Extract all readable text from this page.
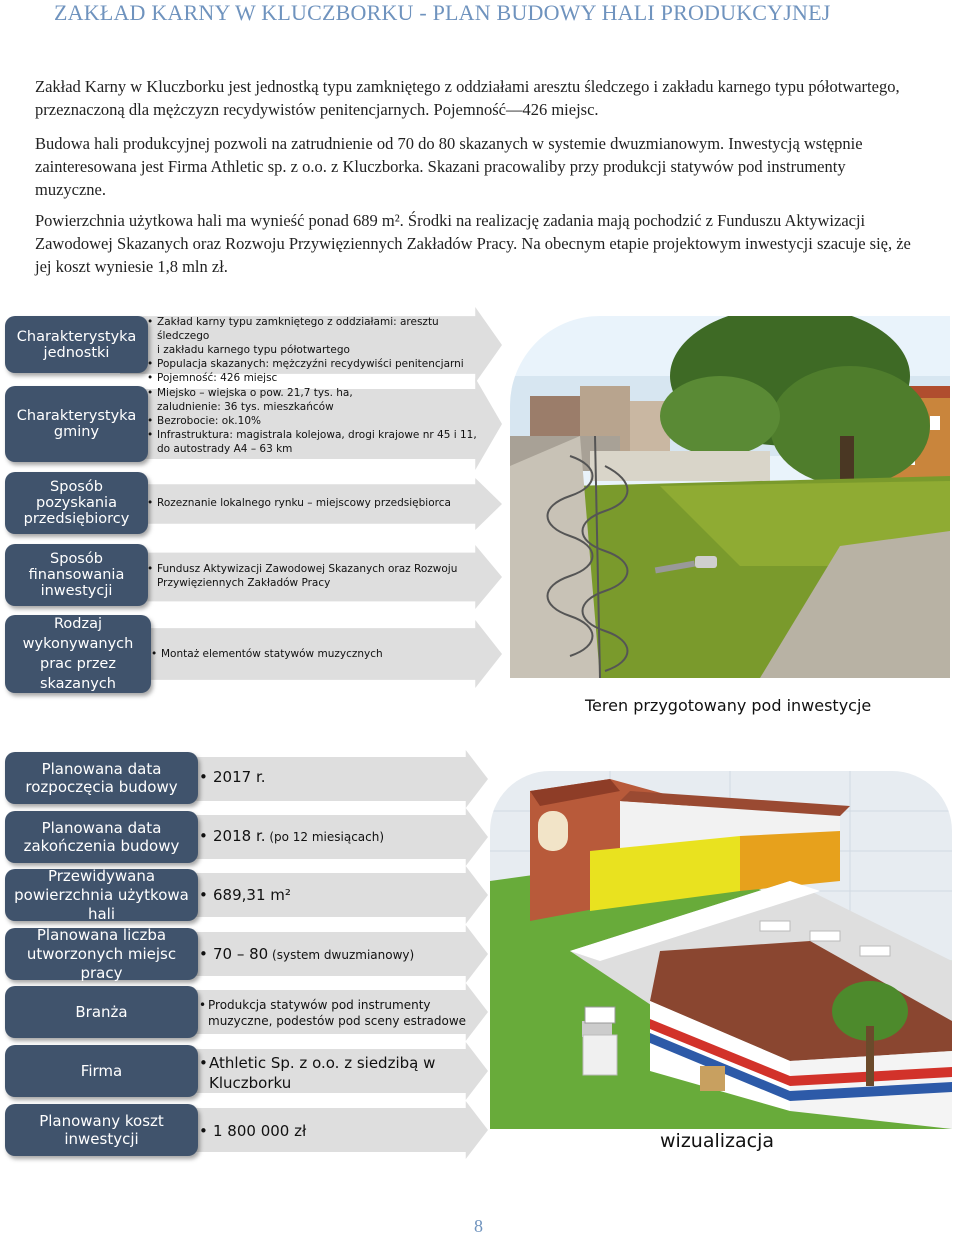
ZAKŁAD KARNY W KLUCZBORKU - PLAN BUDOWY HALI PRODUKCYJNEJ

Zakład Karny w Kluczborku jest jednostką typu zamkniętego z oddziałami aresztu śledczego i zakładu karnego typu półotwartego, przeznaczoną dla mężczyzn recydywistów penitencjarnych. Pojemność—426 miejsc.

Budowa hali produkcyjnej pozwoli na zatrudnienie od 70 do 80 skazanych w systemie dwuzmianowym. Inwestycją wstępnie zainteresowana jest Firma Athletic sp. z o.o. z Kluczborka. Skazani pracowaliby przy produkcji statywów pod instrumenty muzyczne.

Powierzchnia użytkowa hali ma wynieść ponad 689 m². Środki na realizację zadania mają pochodzić z Funduszu Aktywizacji Zawodowej Skazanych oraz Rozwoju Przywięziennych Zakładów Pracy. Na obecnym etapie projektowym inwestycji szacuje się, że jej koszt wyniesie 1,8 mln zł.

Charakterystyka
jednostki
• Zakład karny typu zamkniętego z oddziałami: aresztu śledczego
i zakładu karnego typu półotwartego
• Populacja skazanych: mężczyźni recydywiści penitencjarni
• Pojemność: 426 miejsc
Charakterystyka
gminy
• Miejsko – wiejska o pow. 21,7 tys. ha,
zaludnienie: 36 tys. mieszkańców
• Bezrobocie: ok.10%
• Infrastruktura: magistrala kolejowa, drogi krajowe nr 45 i 11,
do autostrady A4 – 63 km
Sposób
pozyskania
przedsiębiorcy
• Rozeznanie lokalnego rynku – miejscowy przedsiębiorca
Sposób
finansowania
inwestycji
• Fundusz Aktywizacji Zawodowej Skazanych oraz Rozwoju
Przywięziennych Zakładów Pracy
Rodzaj
wykonywanych
prac przez
skazanych
• Montaż elementów statywów muzycznych
Teren przygotowany pod inwestycje
Planowana data
rozpoczęcia budowy
• 2017 r.
Planowana data
zakończenia budowy
• 2018 r. (po 12 miesiącach)
Przewidywana
powierzchnia użytkowa
hali
• 689,31 m²
Planowana liczba
utworzonych miejsc
pracy
• 70 – 80 (system dwuzmianowy)
Branża	• Produkcja statywów pod instrumenty
muzyczne, podestów pod sceny estradowe
Firma	• Athletic Sp. z o.o. z siedzibą w
Kluczborku
Planowany koszt
inwestycji	• 1 800 000 zł	wizualizacja
8
